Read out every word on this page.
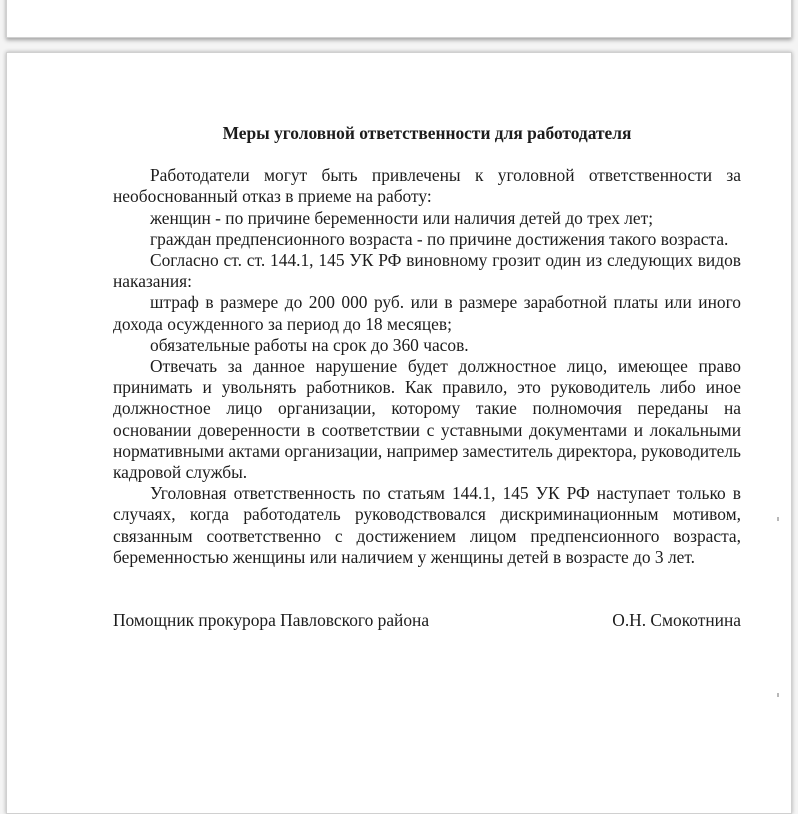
Меры уголовной ответственности для работодателя

Работодатели могут быть привлечены к уголовной ответственности за необоснованный отказ в приеме на работу:

женщин - по причине беременности или наличия детей до трех лет;

граждан предпенсионного возраста - по причине достижения такого возраста.

Согласно ст. ст. 144.1, 145 УК РФ виновному грозит один из следующих видов наказания:

штраф в размере до 200 000 руб. или в размере заработной платы или иного дохода осужденного за период до 18 месяцев;

обязательные работы на срок до 360 часов.

Отвечать за данное нарушение будет должностное лицо, имеющее право принимать и увольнять работников. Как правило, это руководитель либо иное должностное лицо организации, которому такие полномочия переданы на основании доверенности в соответствии с уставными документами и локальными нормативными актами организации, например заместитель директора, руководитель кадровой службы.

Уголовная ответственность по статьям 144.1, 145 УК РФ наступает только в случаях, когда работодатель руководствовался дискриминационным мотивом, связанным соответственно с достижением лицом предпенсионного возраста, беременностью женщины или наличием у женщины детей в возрасте до 3 лет.

Помощник прокурора Павловского района	О.Н. Смокотнина
